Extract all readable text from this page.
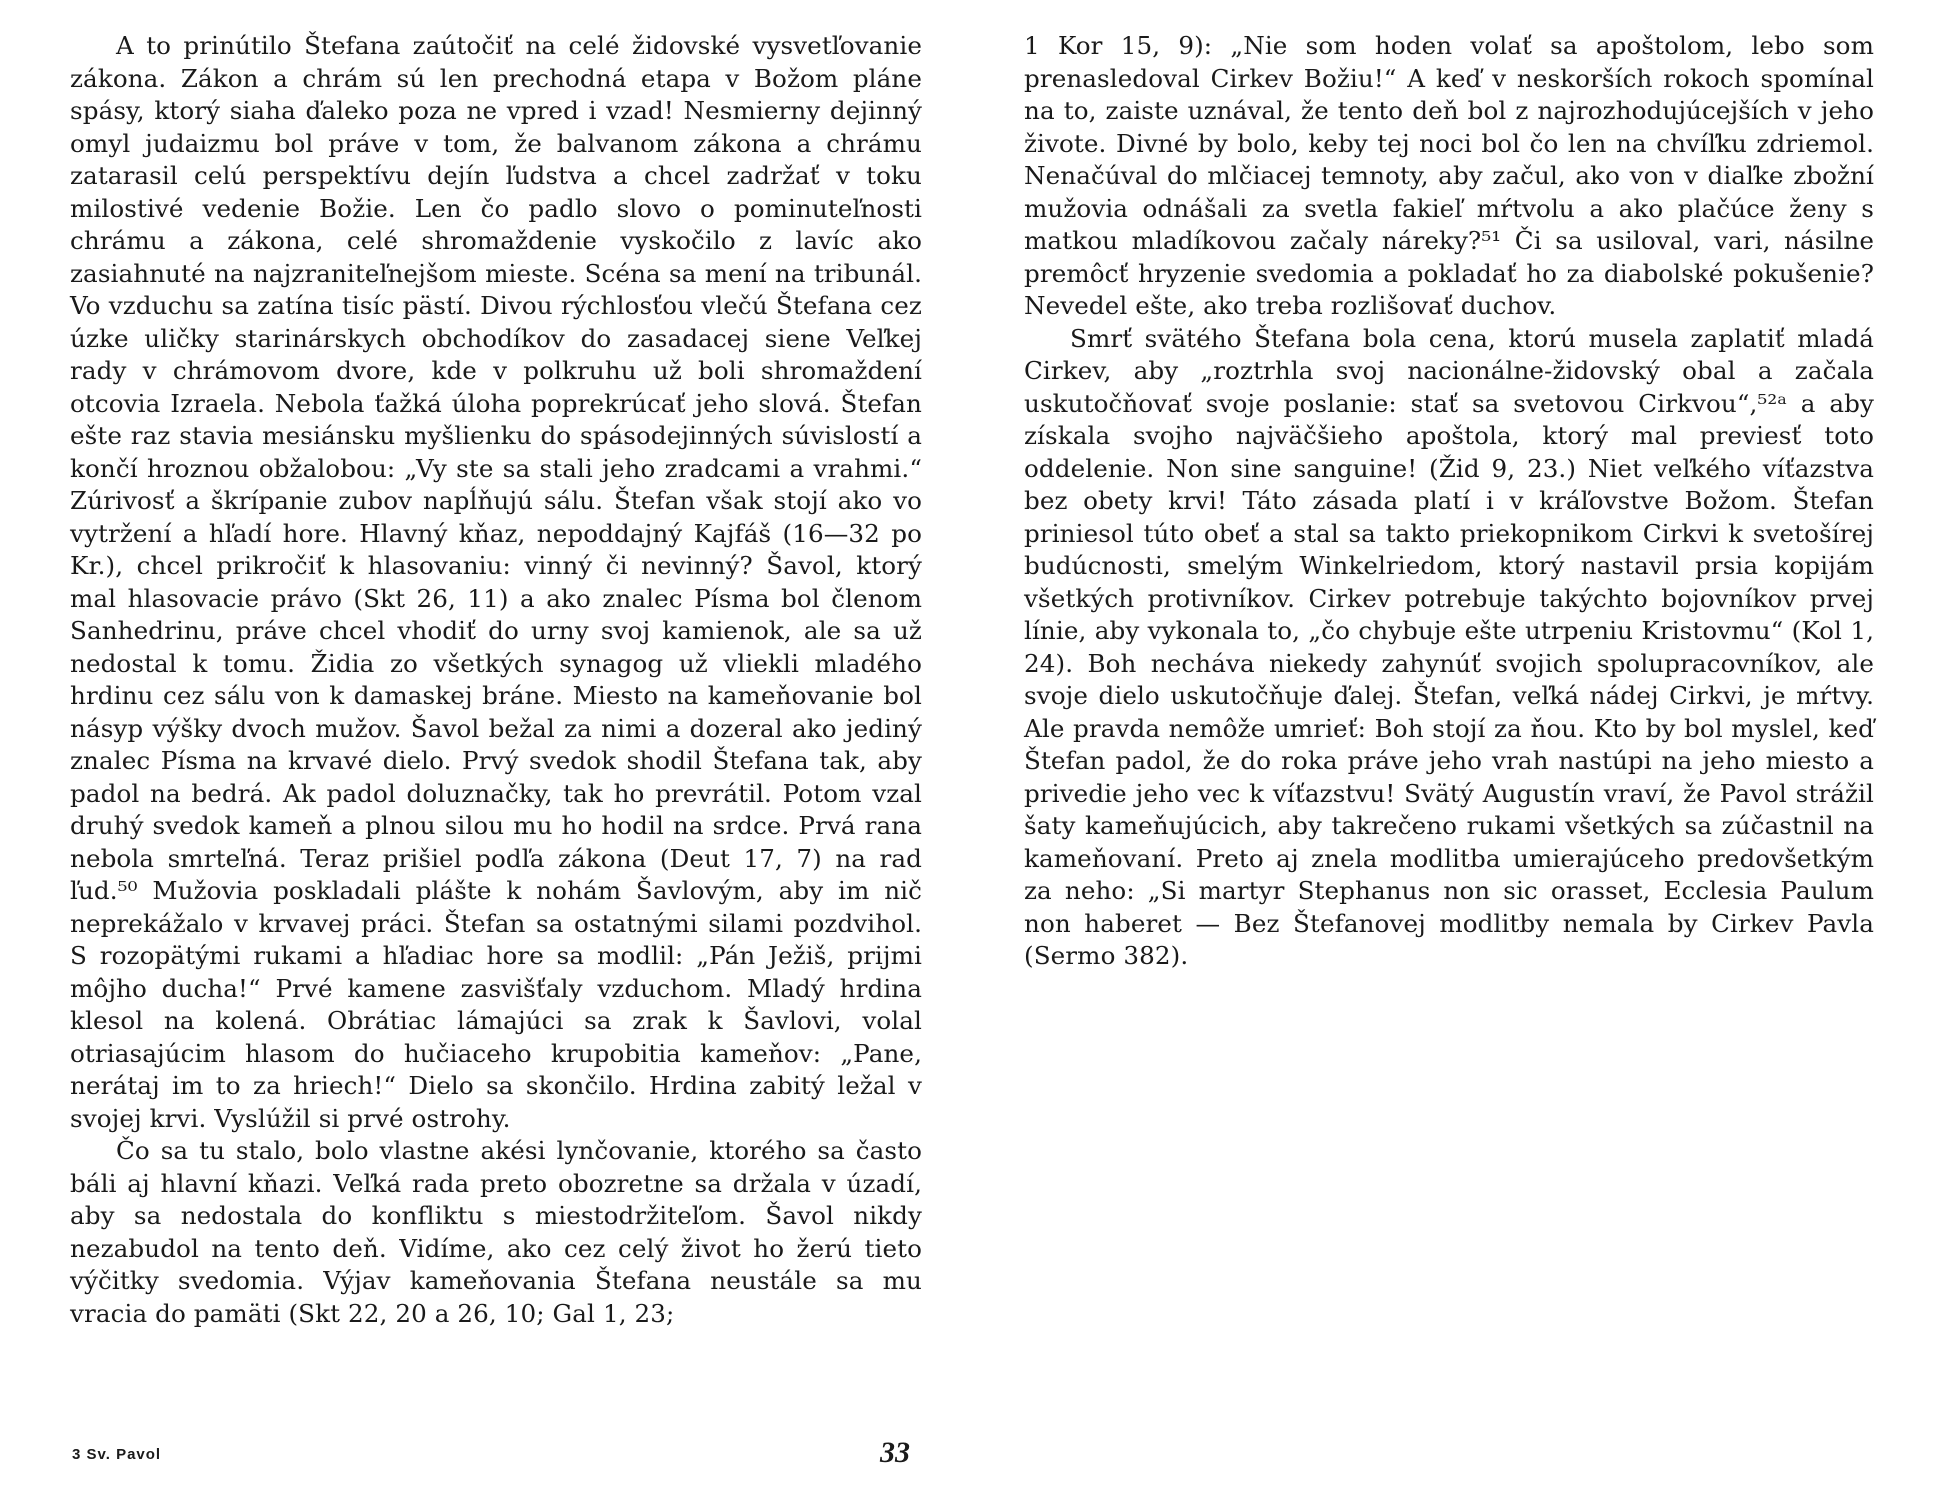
A to prinútilo Štefana zaútočiť na celé židovské vysvetľovanie zákona. Zákon a chrám sú len prechodná etapa v Božom pláne spásy, ktorý siaha ďaleko poza ne vpred i vzad! Nesmierny dejinný omyl judaizmu bol práve v tom, že balvanom zákona a chrámu zatarasil celú perspektívu dejín ľudstva a chcel zadržať v toku milostivé vedenie Božie. Len čo padlo slovo o pominuteľnosti chrámu a zákona, celé shromaždenie vyskočilo z lavíc ako zasiahnuté na najzraniteľnejšom mieste. Scéna sa mení na tribunál. Vo vzduchu sa zatína tisíc pästí. Divou rýchlosťou vlečú Štefana cez úzke uličky starinárskych obchodíkov do zasadacej siene Veľkej rady v chrámovom dvore, kde v polkruhu už boli shromaždení otcovia Izraela. Nebola ťažká úloha poprekrúcať jeho slová. Štefan ešte raz stavia mesiánsku myšlienku do spásodejinných súvislostí a končí hroznou obžalobou: „Vy ste sa stali jeho zradcami a vrahmi.“ Zúrivosť a škrípanie zubov napĺňujú sálu. Štefan však stojí ako vo vytržení a hľadí hore. Hlavný kňaz, nepoddajný Kajfáš (16—32 po Kr.), chcel prikročiť k hlasovaniu: vinný či nevinný? Šavol, ktorý mal hlasovacie právo (Skt 26, 11) a ako znalec Písma bol členom Sanhedrinu, práve chcel vhodiť do urny svoj kamienok, ale sa už nedostal k tomu. Židia zo všetkých synagog už vliekli mladého hrdinu cez sálu von k damaskej bráne. Miesto na kameňovanie bol násyp výšky dvoch mužov. Šavol bežal za nimi a dozeral ako jediný znalec Písma na krvavé dielo. Prvý svedok shodil Štefana tak, aby padol na bedrá. Ak padol doluznačky, tak ho prevrátil. Potom vzal druhý svedok kameň a plnou silou mu ho hodil na srdce. Prvá rana nebola smrteľná. Teraz prišiel podľa zákona (Deut 17, 7) na rad ľud.⁵⁰ Mužovia poskladali plášte k nohám Šavlovým, aby im nič neprekážalo v krvavej práci. Štefan sa ostatnými silami pozdvihol. S rozopätými rukami a hľadiac hore sa modlil: „Pán Ježiš, prijmi môjho ducha!“ Prvé kamene zasvišťaly vzduchom. Mladý hrdina klesol na kolená. Obrátiac lámajúci sa zrak k Šavlovi, volal otriasajúcim hlasom do hučiaceho krupobitia kameňov: „Pane, nerátaj im to za hriech!“ Dielo sa skončilo. Hrdina zabitý ležal v svojej krvi. Vyslúžil si prvé ostrohy.

Čo sa tu stalo, bolo vlastne akési lynčovanie, ktorého sa často báli aj hlavní kňazi. Veľká rada preto obozretne sa držala v úzadí, aby sa nedostala do konfliktu s miestodržiteľom. Šavol nikdy nezabudol na tento deň. Vidíme, ako cez celý život ho žerú tieto výčitky svedomia. Výjav kameňovania Štefana neustále sa mu vracia do pamäti (Skt 22, 20 a 26, 10; Gal 1, 23;

3 Sv. Pavol	33

1 Kor 15, 9): „Nie som hoden volať sa apoštolom, lebo som prenasledoval Cirkev Božiu!“ A keď v neskorších rokoch spomínal na to, zaiste uznával, že tento deň bol z najrozhodujúcejších v jeho živote. Divné by bolo, keby tej noci bol čo len na chvíľku zdriemol. Nenačúval do mlčiacej temnoty, aby začul, ako von v diaľke zbožní mužovia odnášali za svetla fakieľ mŕtvolu a ako plačúce ženy s matkou mladíkovou začaly náreky?⁵¹ Či sa usiloval, vari, násilne premôcť hryzenie svedomia a pokladať ho za diabolské pokušenie? Nevedel ešte, ako treba rozlišovať duchov.

Smrť svätého Štefana bola cena, ktorú musela zaplatiť mladá Cirkev, aby „roztrhla svoj nacionálne-židovský obal a začala uskutočňovať svoje poslanie: stať sa svetovou Cirkvou“,⁵²ᵃ a aby získala svojho najväčšieho apoštola, ktorý mal previesť toto oddelenie. Non sine sanguine! (Žid 9, 23.) Niet veľkého víťazstva bez obety krvi! Táto zásada platí i v kráľovstve Božom. Štefan priniesol túto obeť a stal sa takto priekopnikom Cirkvi k svetošírej budúcnosti, smelým Winkelriedom, ktorý nastavil prsia kopijám všetkých protivníkov. Cirkev potrebuje takýchto bojovníkov prvej línie, aby vykonala to, „čo chybuje ešte utrpeniu Kristovmu“ (Kol 1, 24). Boh nechávа niekedy zahynúť svojich spolupracovníkov, ale svoje dielo uskutočňuje ďalej. Štefan, veľká nádej Cirkvi, je mŕtvy. Ale pravda nemôže umrieť: Boh stojí za ňou. Kto by bol myslel, keď Štefan padol, že do roka práve jeho vrah nastúpi na jeho miesto a privedie jeho vec k víťazstvu! Svätý Augustín vraví, že Pavol strážil šaty kameňujúcich, aby takrečeno rukami všetkých sa zúčastnil na kameňovaní. Preto aj znela modlitba umierajúceho predovšetkým za neho: „Si martyr Stephanus non sic orasset, Ecclesia Paulum non haberet — Bez Štefanovej modlitby nemala by Cirkev Pavla (Sermo 382).
